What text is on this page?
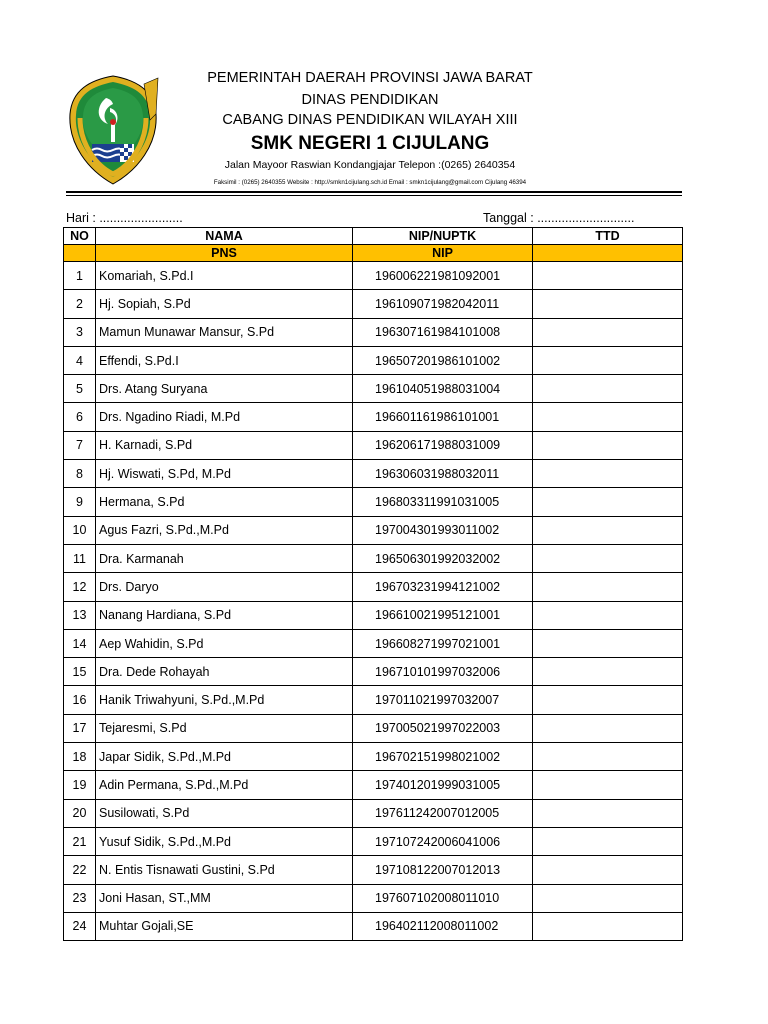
PEMERINTAH DAERAH PROVINSI JAWA BARAT
DINAS PENDIDIKAN
CABANG DINAS PENDIDIKAN WILAYAH XIII
SMK NEGERI 1 CIJULANG
Jalan Mayoor Raswian Kondangjajar Telepon :(0265) 2640354
Faksimil : (0265) 2640355 Website : http://smkn1cijulang.sch.id Email : smkn1cijulang@gmail.com Cijulang 46394
Hari : ........................	Tanggal : ............................
NO	NAMA	NIP/NUPTK	TTD
	PNS	NIP	
1	Komariah, S.Pd.I	196006221981092001	
2	Hj. Sopiah, S.Pd	196109071982042011	
3	Mamun Munawar Mansur, S.Pd	196307161984101008	
4	Effendi, S.Pd.I	196507201986101002	
5	Drs. Atang Suryana	196104051988031004	
6	Drs. Ngadino Riadi, M.Pd	196601161986101001	
7	H. Karnadi, S.Pd	196206171988031009	
8	Hj. Wiswati, S.Pd, M.Pd	196306031988032011	
9	Hermana, S.Pd	196803311991031005	
10	Agus Fazri, S.Pd.,M.Pd	197004301993011002	
11	Dra. Karmanah	196506301992032002	
12	Drs. Daryo	196703231994121002	
13	Nanang Hardiana, S.Pd	196610021995121001	
14	Aep Wahidin, S.Pd	196608271997021001	
15	Dra. Dede Rohayah	196710101997032006	
16	Hanik Triwahyuni, S.Pd.,M.Pd	197011021997032007	
17	Tejaresmi, S.Pd	197005021997022003	
18	Japar Sidik, S.Pd.,M.Pd	196702151998021002	
19	Adin Permana, S.Pd.,M.Pd	197401201999031005	
20	Susilowati, S.Pd	197611242007012005	
21	Yusuf Sidik, S.Pd.,M.Pd	197107242006041006	
22	N. Entis Tisnawati Gustini, S.Pd	197108122007012013	
23	Joni Hasan, ST.,MM	197607102008011010	
24	Muhtar Gojali,SE	196402112008011002	
